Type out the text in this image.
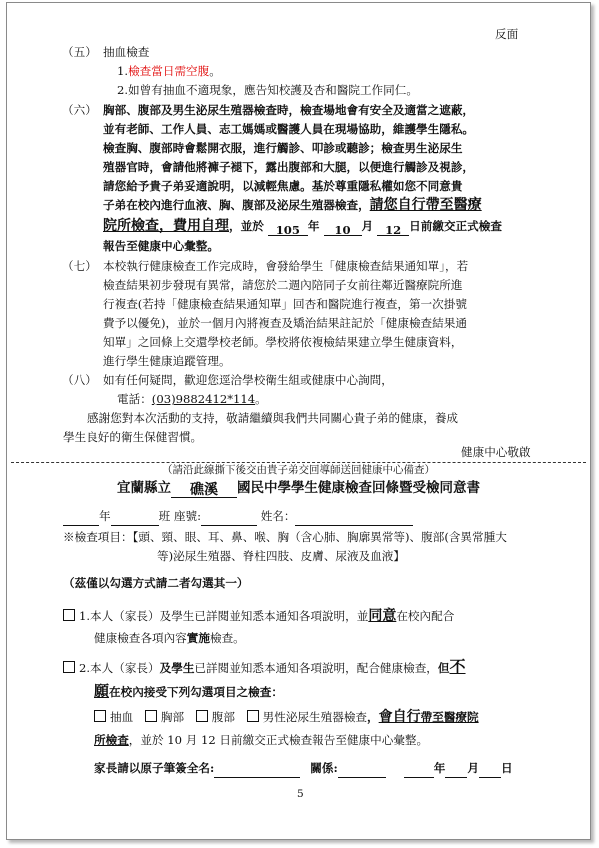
反面
（五） 抽血檢查
1.檢查當日需空腹。
2.如曾有抽血不適現象，應告知校護及杏和醫院工作同仁。
（六） 胸部、腹部及男生泌尿生殖器檢查時，檢查場地會有安全及適當之遮蔽，
並有老師、工作人員、志工媽媽或醫護人員在現場協助，維護學生隱私。
檢查胸、腹部時會鬆開衣服，進行觸診、叩診或聽診；檢查男生泌尿生
殖器官時，會請他將褲子褪下，露出腹部和大腿，以便進行觸診及視診，
請您給予貴子弟妥適說明，以減輕焦慮。基於尊重隱私權如您不同意貴
子弟在校內進行血液、胸、腹部及泌尿生殖器檢查，請您自行帶至醫療
院所檢查，費用自理，並於 105 年 10 月 12 日前繳交正式檢查
報告至健康中心彙整。
（七） 本校執行健康檢查工作完成時，會發給學生「健康檢查結果通知單」，若
檢查結果初步發現有異常，請您於二週內陪同子女前往鄰近醫療院所進
行複查(若持「健康檢查結果通知單」回杏和醫院進行複查，第一次掛號
費予以優免)，並於一個月內將複查及矯治結果註記於「健康檢查結果通
知單」之回條上交還學校老師。學校將依複檢結果建立學生健康資料，
進行學生健康追蹤管理。
（八） 如有任何疑問，歡迎您逕洽學校衛生組或健康中心詢問，
電話：(03)9882412*114。
感謝您對本次活動的支持，敬請繼續與我們共同關心貴子弟的健康，養成
學生良好的衛生保健習慣。
健康中心敬啟
（請沿此線撕下後交由貴子弟交回導師送回健康中心備查）
宜蘭縣立 礁溪 國民中學學生健康檢查回條暨受檢同意書
年	班 座號:	姓名：
※檢查項目：【頭、頸、眼、耳、鼻、喉、胸（含心肺、胸廓異常等)、腹部(含異常腫大
等)泌尿生殖器、脊柱四肢、皮膚、尿液及血液】
（茲僅以勾選方式請二者勾選其一）
1.本人（家長）及學生已詳閱並知悉本通知各項說明，並同意在校內配合
健康檢查各項內容實施檢查。
2.本人（家長）及學生已詳閱並知悉本通知各項說明，配合健康檢查，但不
願在校內接受下列勾選項目之檢查：
抽血 胸部 腹部 男性泌尿生殖器檢查，會自行帶至醫療院
所檢查，並於 10 月 12 日前繳交正式檢查報告至健康中心彙整。
家長請以原子筆簽全名:	關係:	年 月 日
5
